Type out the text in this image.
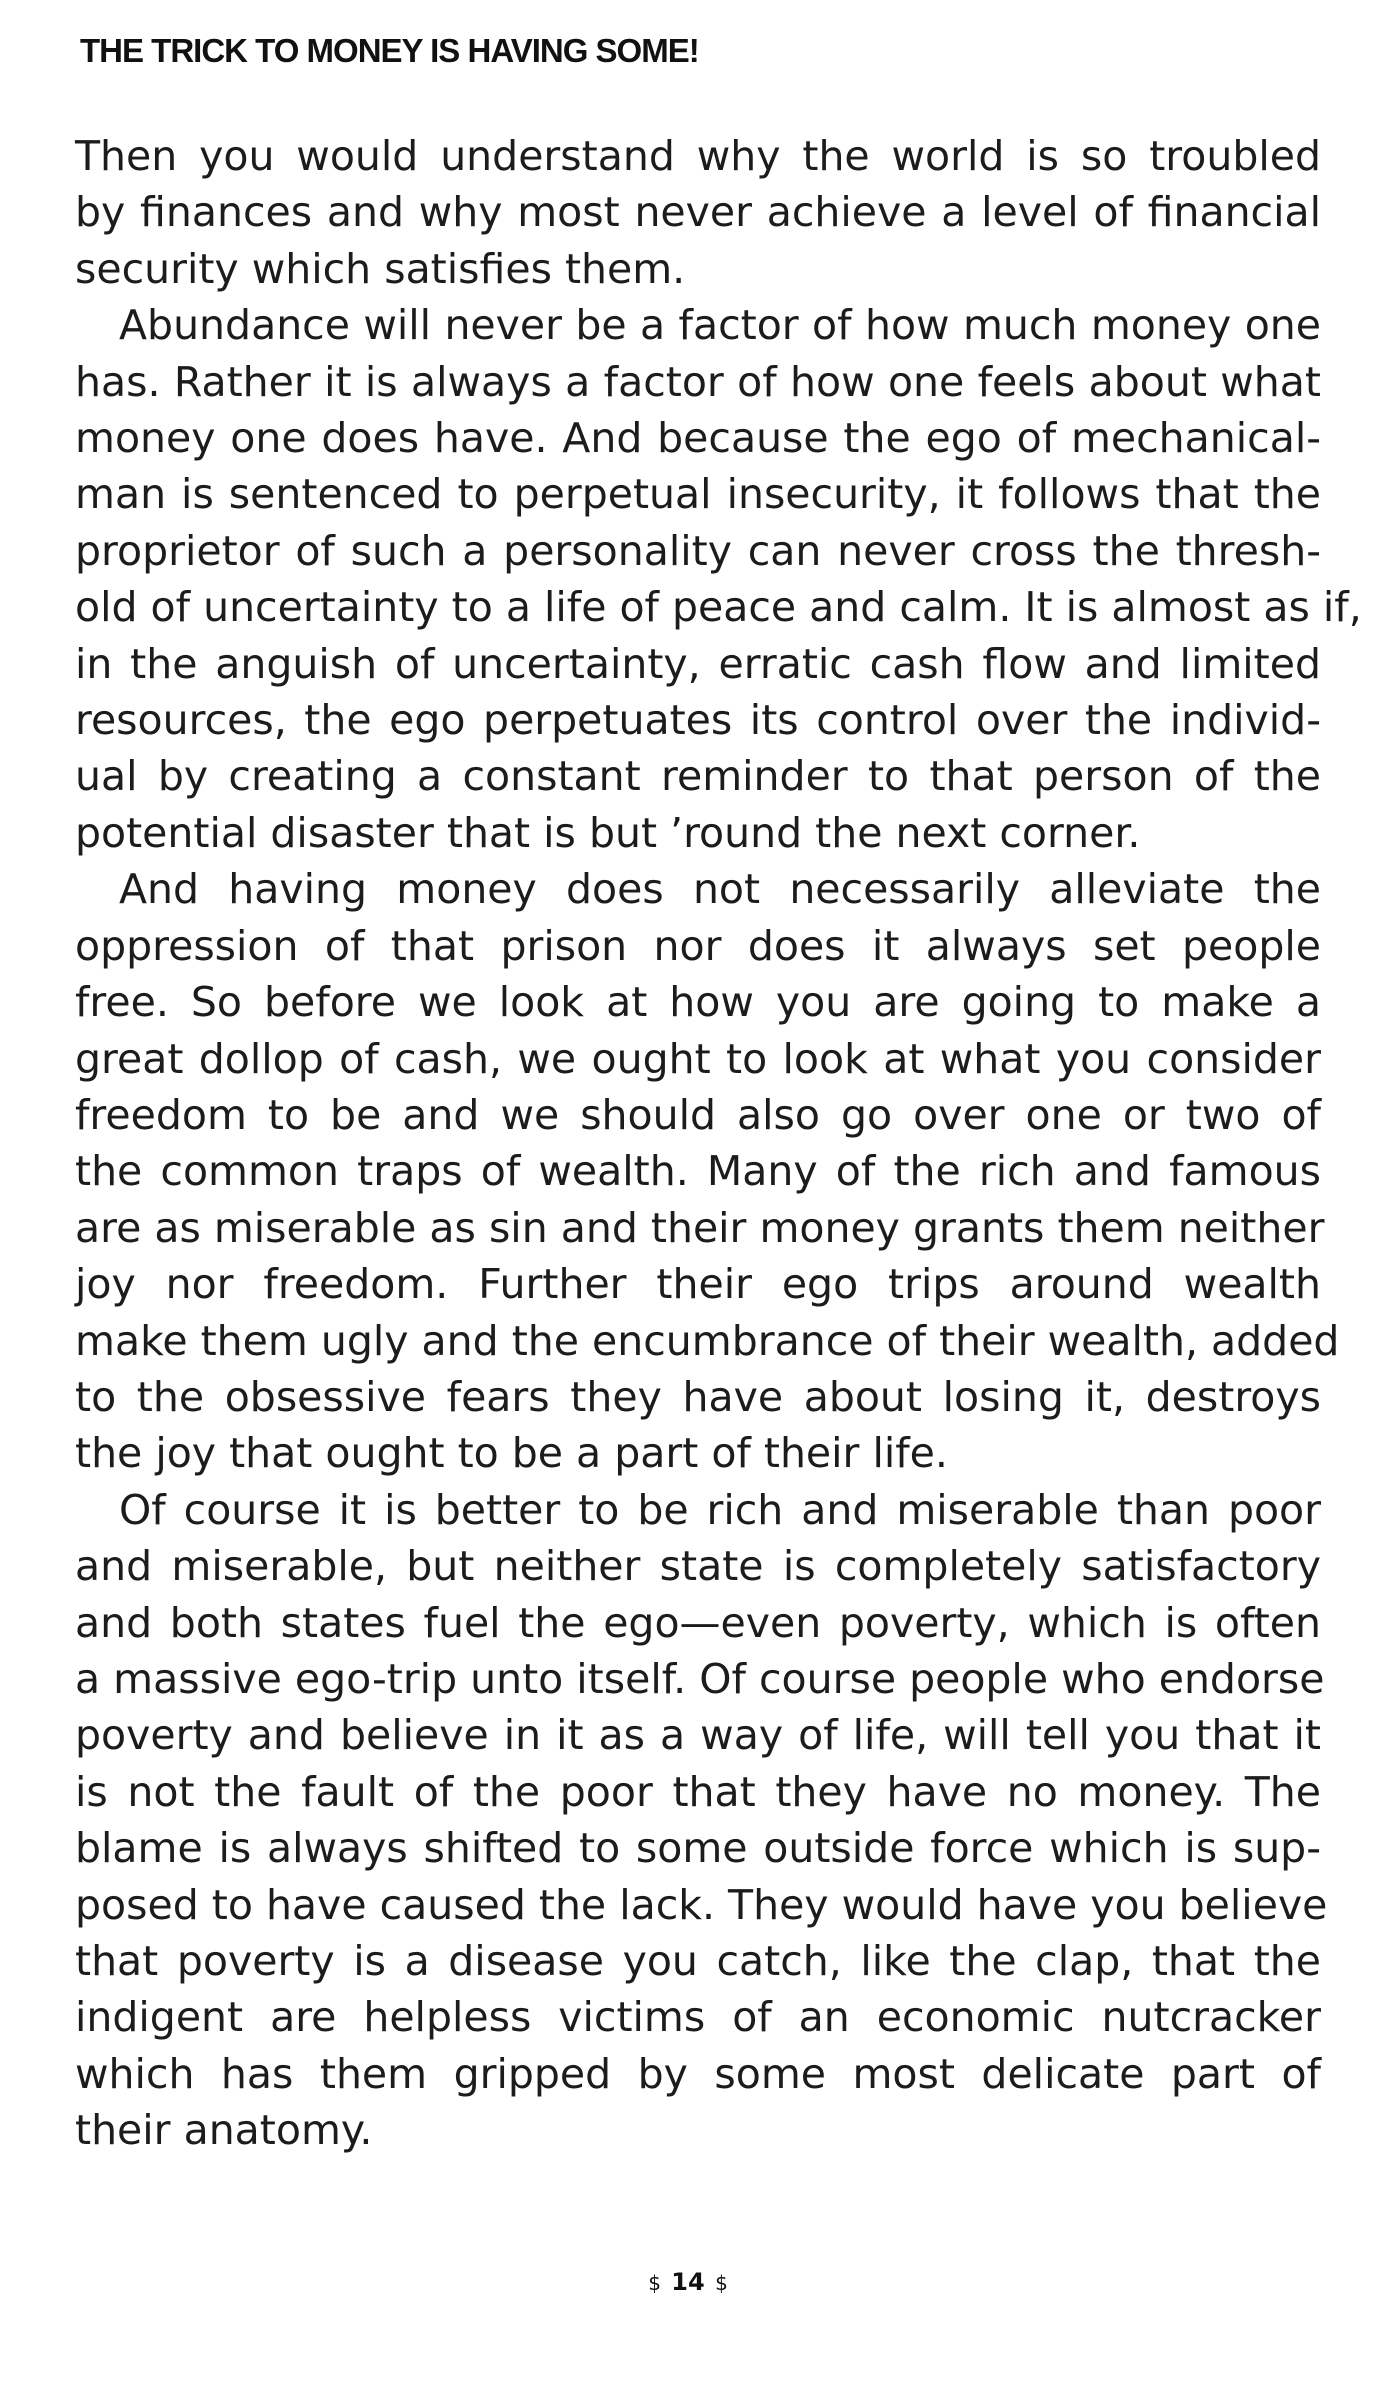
THE TRICK TO MONEY IS HAVING SOME!

Then you would understand why the world is so troubled
by finances and why most never achieve a level of financial
security which satisfies them.

Abundance will never be a factor of how much money one
has. Rather it is always a factor of how one feels about what
money one does have. And because the ego of mechanical-
man is sentenced to perpetual insecurity, it follows that the
proprietor of such a personality can never cross the thresh-
old of uncertainty to a life of peace and calm. It is almost as if,
in the anguish of uncertainty, erratic cash flow and limited
resources, the ego perpetuates its control over the individ-
ual by creating a constant reminder to that person of the
potential disaster that is but ’round the next corner.

And having money does not necessarily alleviate the
oppression of that prison nor does it always set people
free. So before we look at how you are going to make a
great dollop of cash, we ought to look at what you consider
freedom to be and we should also go over one or two of
the common traps of wealth. Many of the rich and famous
are as miserable as sin and their money grants them neither
joy nor freedom. Further their ego trips around wealth
make them ugly and the encumbrance of their wealth, added
to the obsessive fears they have about losing it, destroys
the joy that ought to be a part of their life.

Of course it is better to be rich and miserable than poor
and miserable, but neither state is completely satisfactory
and both states fuel the ego—even poverty, which is often
a massive ego-trip unto itself. Of course people who endorse
poverty and believe in it as a way of life, will tell you that it
is not the fault of the poor that they have no money. The
blame is always shifted to some outside force which is sup-
posed to have caused the lack. They would have you believe
that poverty is a disease you catch, like the clap, that the
indigent are helpless victims of an economic nutcracker
which has them gripped by some most delicate part of
their anatomy.

$ 14 $
